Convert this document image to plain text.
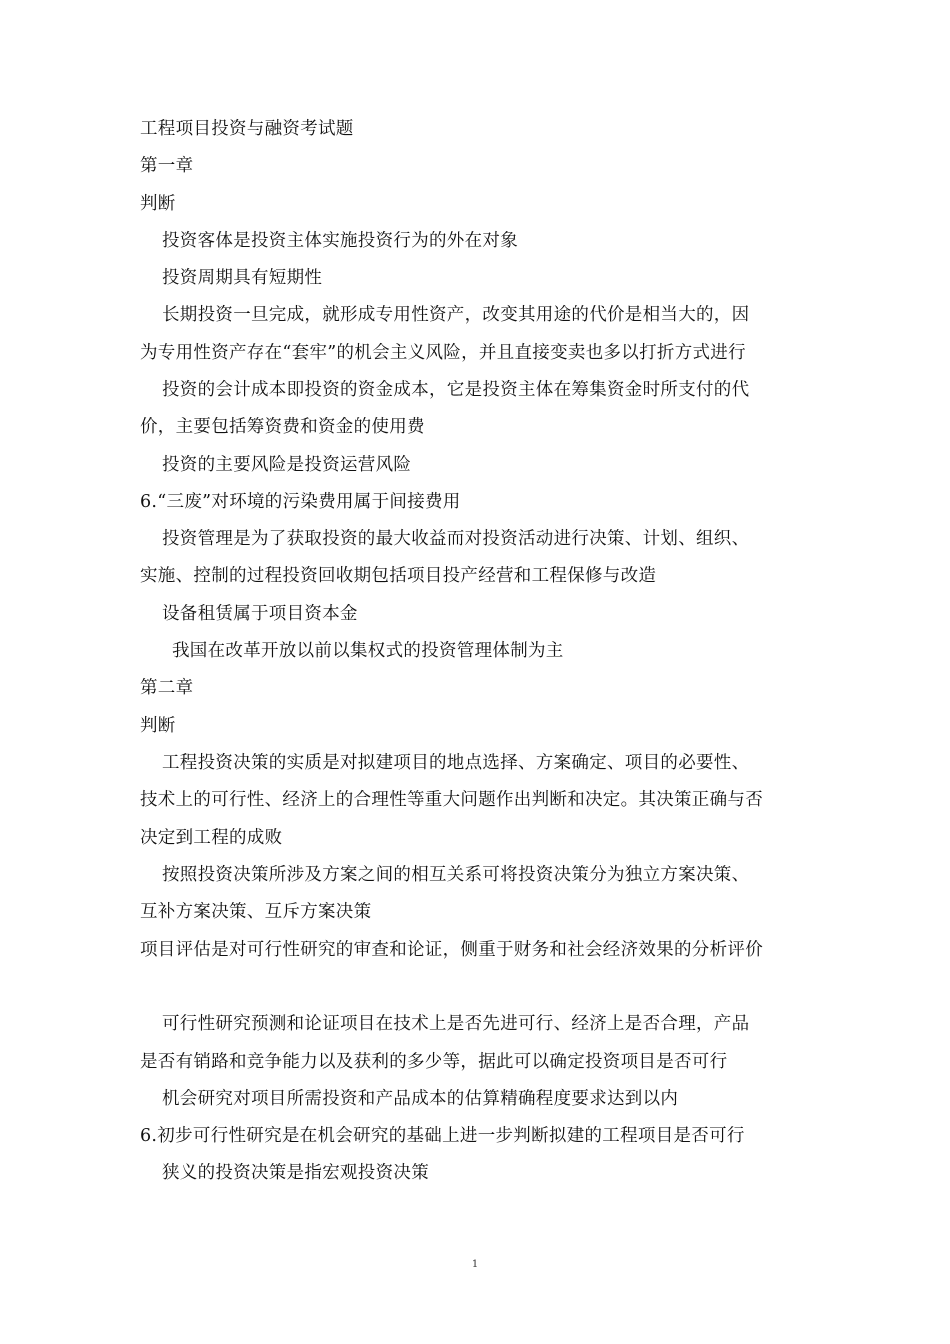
工程项目投资与融资考试题
第一章
判断
投资客体是投资主体实施投资行为的外在对象
投资周期具有短期性
长期投资一旦完成，就形成专用性资产，改变其用途的代价是相当大的，因
为专用性资产存在“套牢”的机会主义风险，并且直接变卖也多以打折方式进行
投资的会计成本即投资的资金成本，它是投资主体在筹集资金时所支付的代
价，主要包括筹资费和资金的使用费
投资的主要风险是投资运营风险
6.“三废”对环境的污染费用属于间接费用
投资管理是为了获取投资的最大收益而对投资活动进行决策、计划、组织、
实施、控制的过程投资回收期包括项目投产经营和工程保修与改造
设备租赁属于项目资本金
我国在改革开放以前以集权式的投资管理体制为主
第二章
判断
工程投资决策的实质是对拟建项目的地点选择、方案确定、项目的必要性、
技术上的可行性、经济上的合理性等重大问题作出判断和决定。其决策正确与否
决定到工程的成败
按照投资决策所涉及方案之间的相互关系可将投资决策分为独立方案决策、
互补方案决策、互斥方案决策
项目评估是对可行性研究的审查和论证，侧重于财务和社会经济效果的分析评价
可行性研究预测和论证项目在技术上是否先进可行、经济上是否合理，产品
是否有销路和竞争能力以及获利的多少等，据此可以确定投资项目是否可行
机会研究对项目所需投资和产品成本的估算精确程度要求达到以内
6.初步可行性研究是在机会研究的基础上进一步判断拟建的工程项目是否可行
狭义的投资决策是指宏观投资决策
1
